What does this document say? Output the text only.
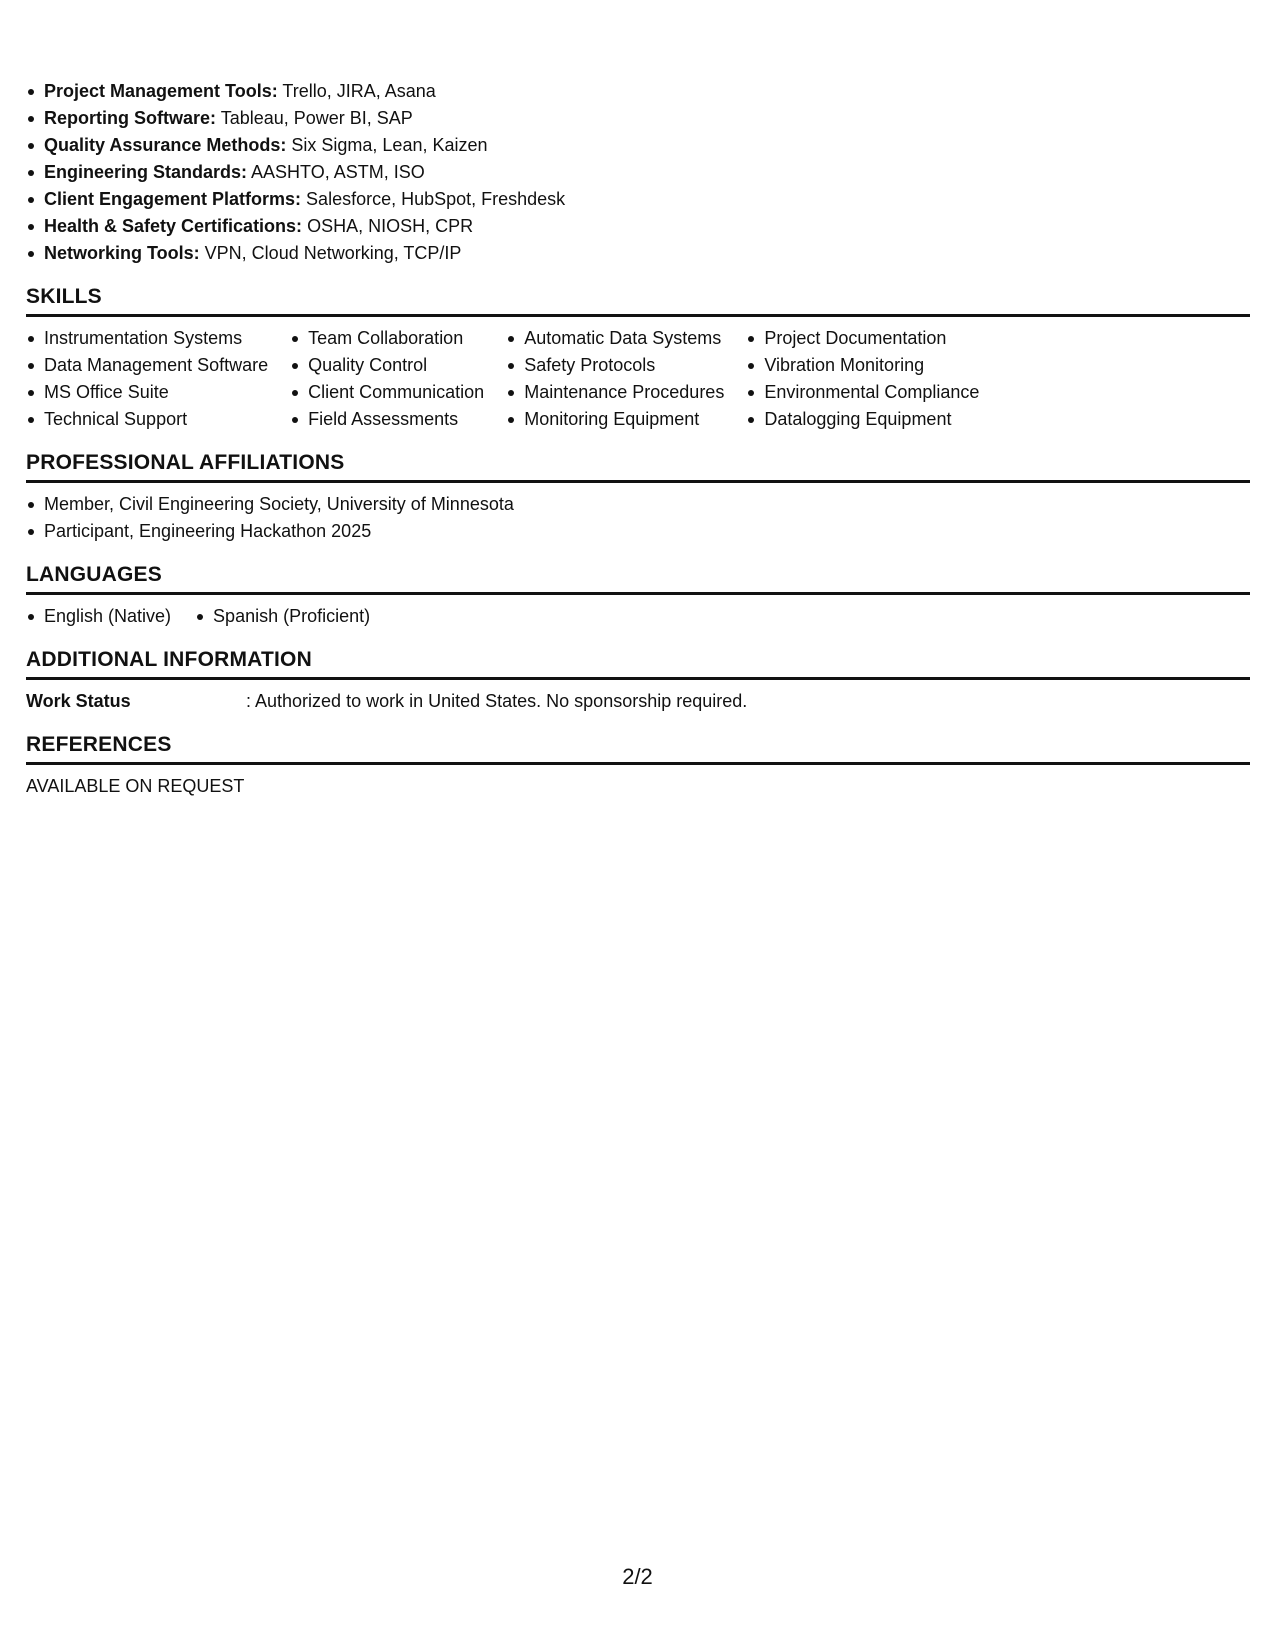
Project Management Tools: Trello, JIRA, Asana
Reporting Software: Tableau, Power BI, SAP
Quality Assurance Methods: Six Sigma, Lean, Kaizen
Engineering Standards: AASHTO, ASTM, ISO
Client Engagement Platforms: Salesforce, HubSpot, Freshdesk
Health & Safety Certifications: OSHA, NIOSH, CPR
Networking Tools: VPN, Cloud Networking, TCP/IP
SKILLS
Instrumentation Systems
Data Management Software
MS Office Suite
Technical Support
Team Collaboration
Quality Control
Client Communication
Field Assessments
Automatic Data Systems
Safety Protocols
Maintenance Procedures
Monitoring Equipment
Project Documentation
Vibration Monitoring
Environmental Compliance
Datalogging Equipment
PROFESSIONAL AFFILIATIONS
Member, Civil Engineering Society, University of Minnesota
Participant, Engineering Hackathon 2025
LANGUAGES
English (Native)	Spanish (Proficient)
ADDITIONAL INFORMATION
Work Status	: Authorized to work in United States. No sponsorship required.
REFERENCES
AVAILABLE ON REQUEST
2/2
